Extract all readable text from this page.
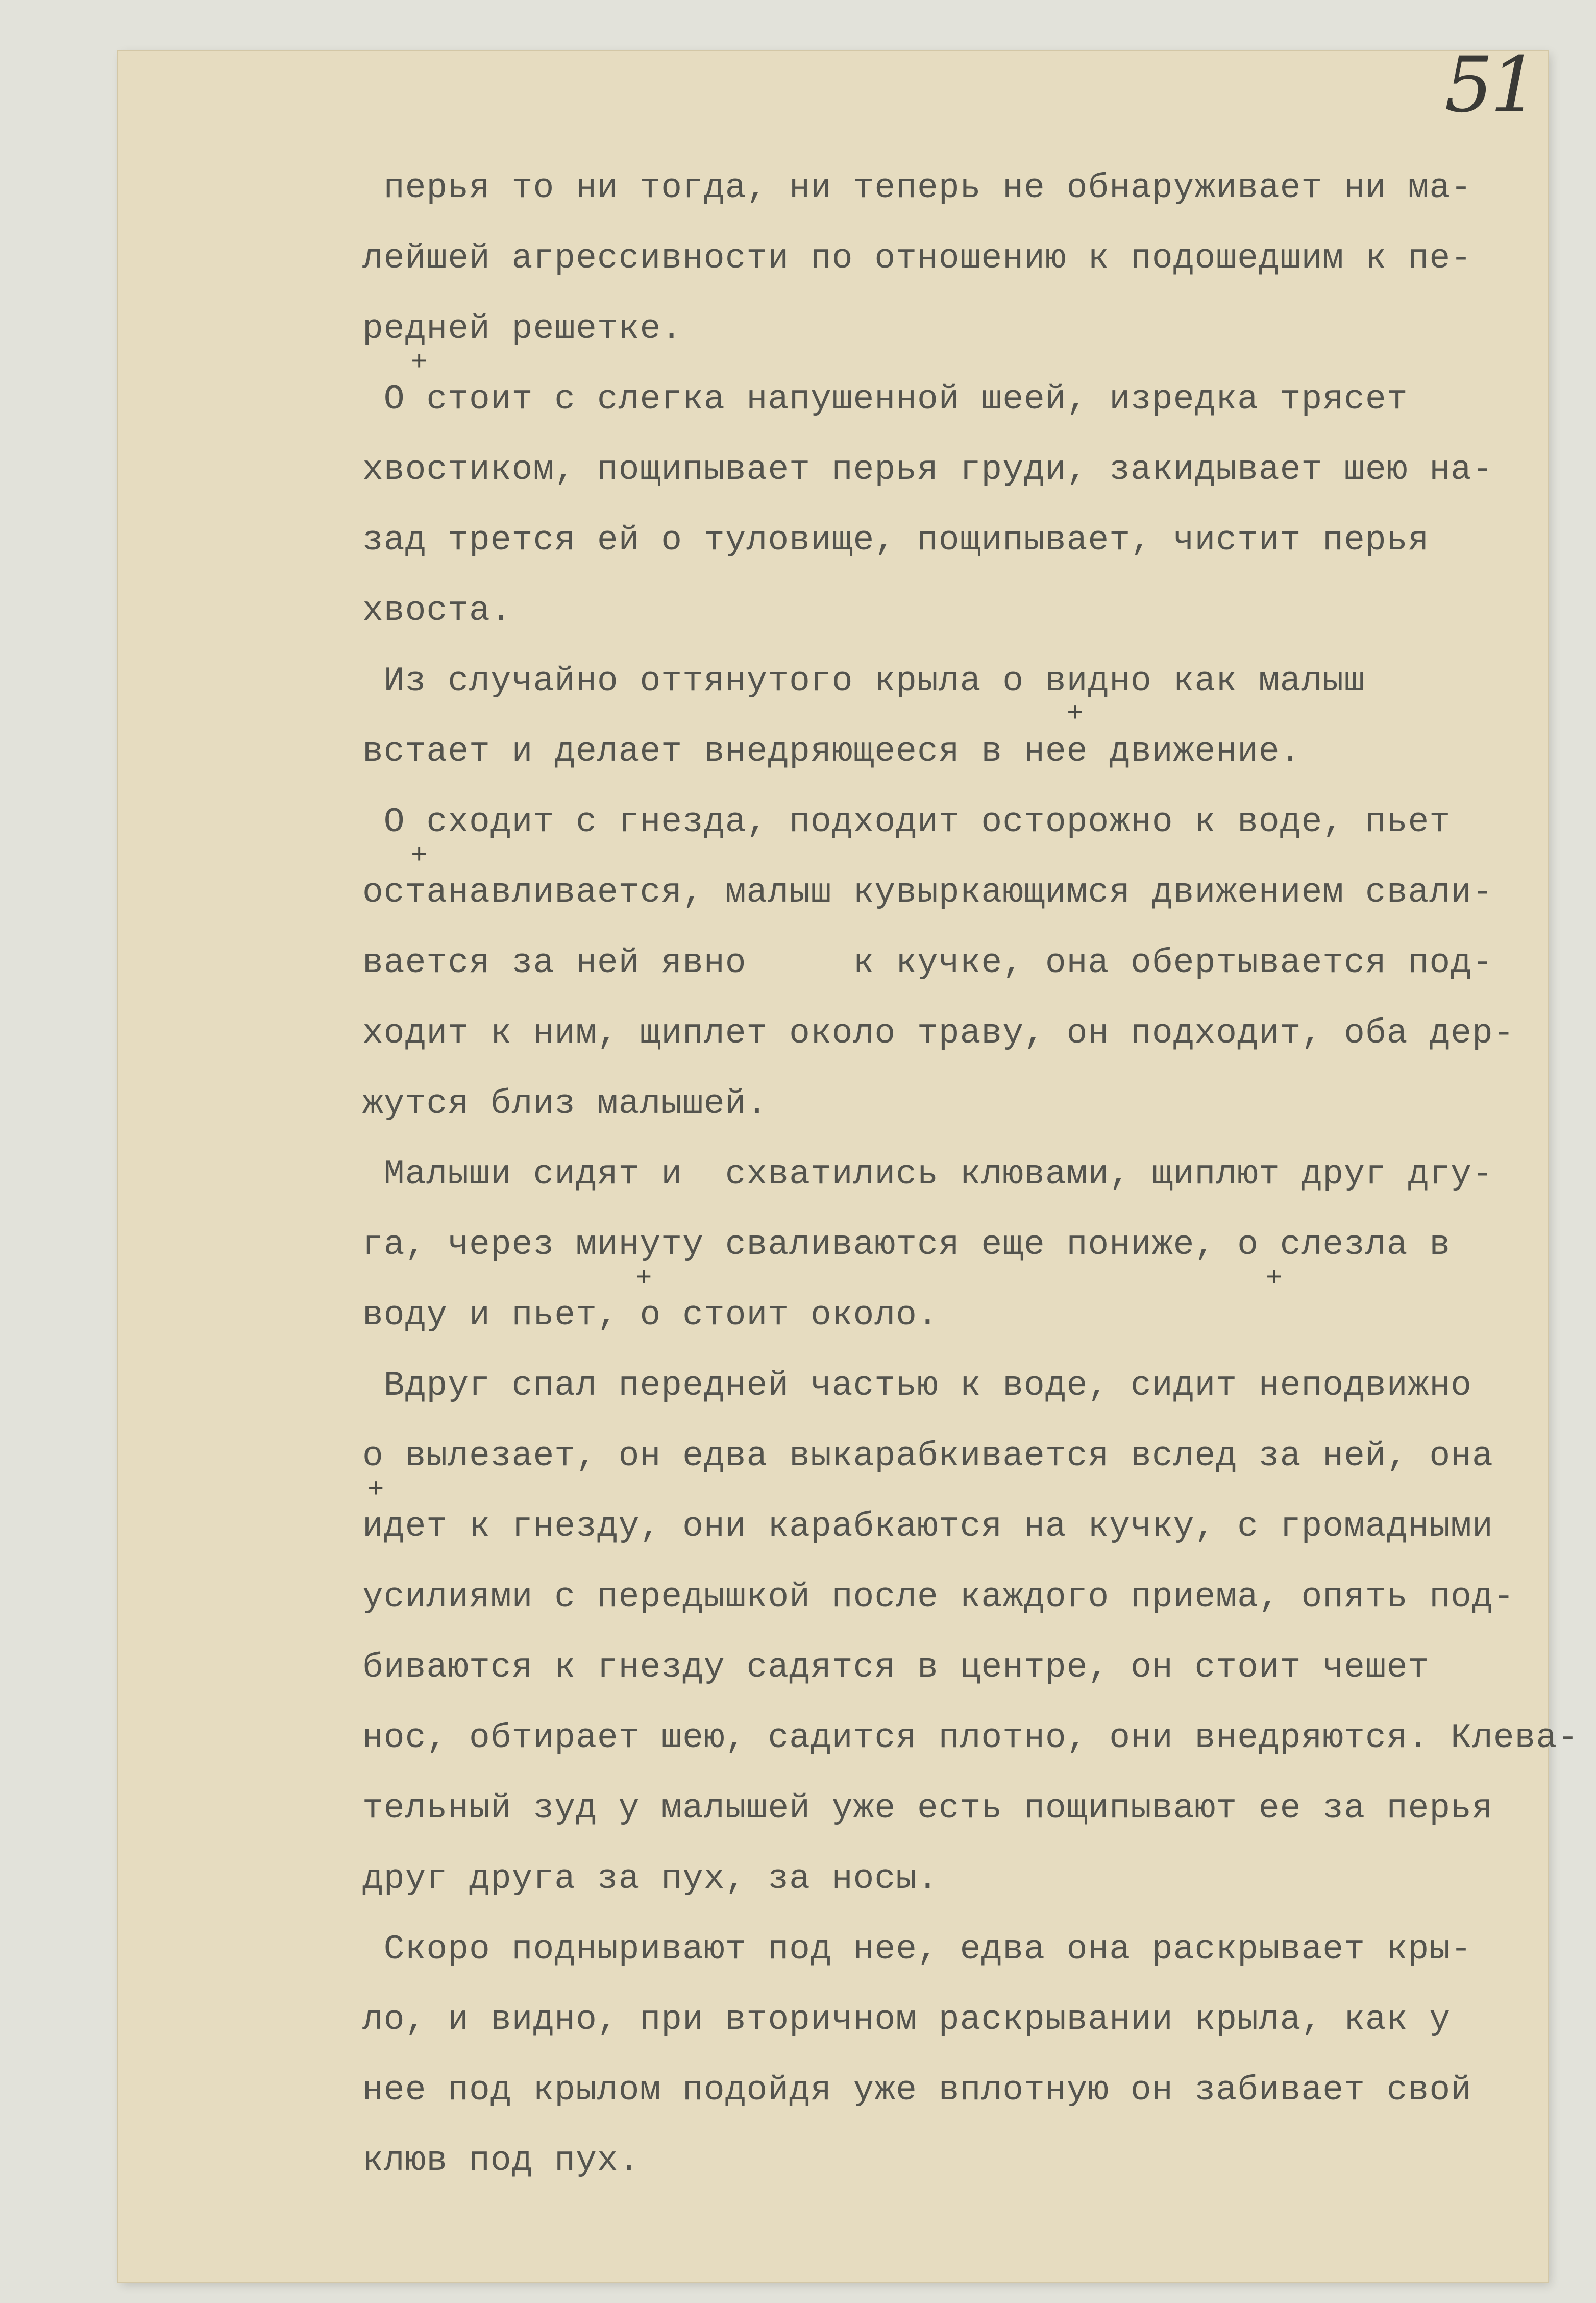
51

перья то ни тогда, ни теперь не обнаруживает ни ма-

лейшей агрессивности по отношению к подошедшим к пе-

редней решетке.

О стоит с слегка напушенной шеей, изредка трясет

хвостиком, пощипывает перья груди, закидывает шею на-

зад трется ей о туловище, пощипывает, чистит перья

хвоста.

Из случайно оттянутого крыла о видно как малыш

встает и делает внедряющееся в нее движение.

О сходит с гнезда, подходит осторожно к воде, пьет

останавливается, малыш кувыркающимся движением свали-

вается за ней явно     к кучке, она обертывается под-

ходит к ним, щиплет около траву, он подходит, оба дер-

жутся близ малышей.

Малыши сидят и  схватились клювами, щиплют друг дгу-

га, через минуту сваливаются еще пониже, о слезла в

воду и пьет, о стоит около.

Вдруг спал передней частью к воде, сидит неподвижно

о вылезает, он едва выкарабкивается вслед за ней, она

идет к гнезду, они карабкаются на кучку, с громадными

усилиями с передышкой после каждого приема, опять под-

биваются к гнезду садятся в центре, он стоит чешет

нос, обтирает шею, садится плотно, они внедряются. Клева-

тельный зуд у малышей уже есть пощипывают ее за перья

друг друга за пух, за носы.

Скоро подныривают под нее, едва она раскрывает кры-

ло, и видно, при вторичном раскрывании крыла, как у

нее под крылом подойдя уже вплотную он забивает свой

клюв под пух.

+
+
+
+	+
+
